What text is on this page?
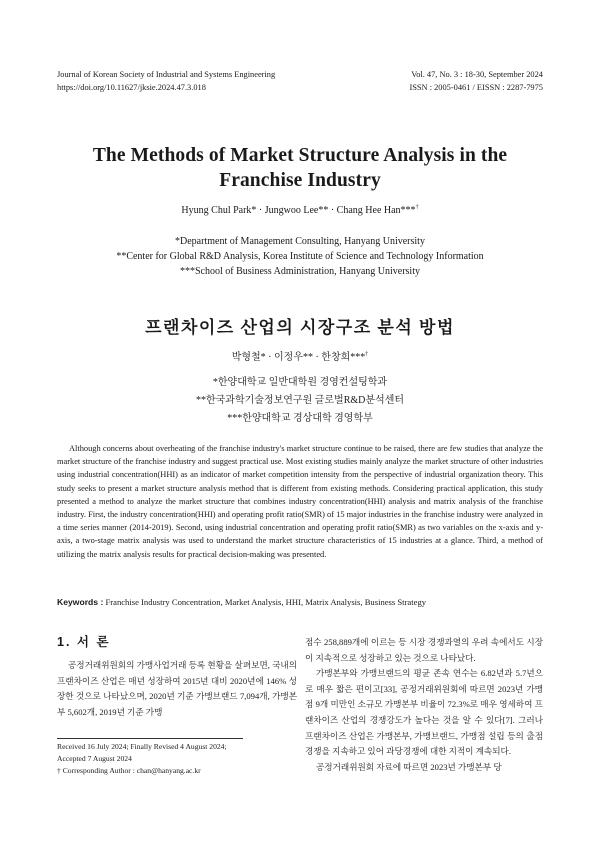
Journal of Korean Society of Industrial and Systems Engineering
https://doi.org/10.11627/jksie.2024.47.3.018
Vol. 47, No. 3 : 18-30, September 2024
ISSN : 2005-0461 / EISSN : 2287-7975
The Methods of Market Structure Analysis in the
Franchise Industry
Hyung Chul Park* · Jungwoo Lee** · Chang Hee Han***†
*Department of Management Consulting, Hanyang University
**Center for Global R&D Analysis, Korea Institute of Science and Technology Information
***School of Business Administration, Hanyang University
프랜차이즈 산업의 시장구조 분석 방법
박형철* · 이정우** · 한창희***†
*한양대학교 일반대학원 경영컨설팅학과
**한국과학기술정보연구원 글로벌R&D분석센터
***한양대학교 경상대학 경영학부

Although concerns about overheating of the franchise industry's market structure continue to be raised, there are few studies that analyze the market structure of the franchise industry and suggest practical use. Most existing studies mainly analyze the market structure of other industries using industrial concentration(HHI) as an indicator of market competition intensity from the perspective of industrial organization theory. This study seeks to present a market structure analysis method that is different from existing methods. Considering practical application, this study presented a method to analyze the market structure that combines industry concentration(HHI) analysis and matrix analysis of the franchise industry. First, the industry concentration(HHI) and operating profit ratio(SMR) of 15 major industries in the franchise industry were analyzed in a time series manner (2014-2019). Second, using industrial concentration and operating profit ratio(SMR) as two variables on the x-axis and y-axis, a two-stage matrix analysis was used to understand the market structure characteristics of 15 industries at a glance. Third, a method of utilizing the matrix analysis results for practical decision-making was presented.

Keywords : Franchise Industry Concentration, Market Analysis, HHI, Matrix Analysis, Business Strategy
1. 서 론

공정거래위원회의 가맹사업거래 등록 현황을 살펴보면, 국내의 프랜차이즈 산업은 매년 성장하여 2015년 대비 2020년에 146% 성장한 것으로 나타났으며, 2020년 기준 가맹브랜드 7,094개, 가맹본부 5,602개, 2019년 기준 가맹

Received 16 July 2024; Finally Revised 4 August 2024;
Accepted 7 August 2024
† Corresponding Author : chan@hanyang.ac.kr

점수 258,889개에 이르는 등 시장 경쟁과열의 우려 속에서도 시장이 지속적으로 성장하고 있는 것으로 나타났다.

가맹본부와 가맹브랜드의 평균 존속 연수는 6.82년과 5.7년으로 매우 짧은 편이고[33], 공정거래위원회에 따르면 2023년 가맹점 9개 미만인 소규모 가맹본부 비율이 72.3%로 매우 영세하여 프랜차이즈 산업의 경쟁강도가 높다는 것을 알 수 있다[7]. 그러나 프랜차이즈 산업은 가맹본부, 가맹브랜드, 가맹점 설립 등의 출점 경쟁을 지속하고 있어 과당경쟁에 대한 지적이 계속되다.

공정거래위원회 자료에 따르면 2023년 가맹본부 당
